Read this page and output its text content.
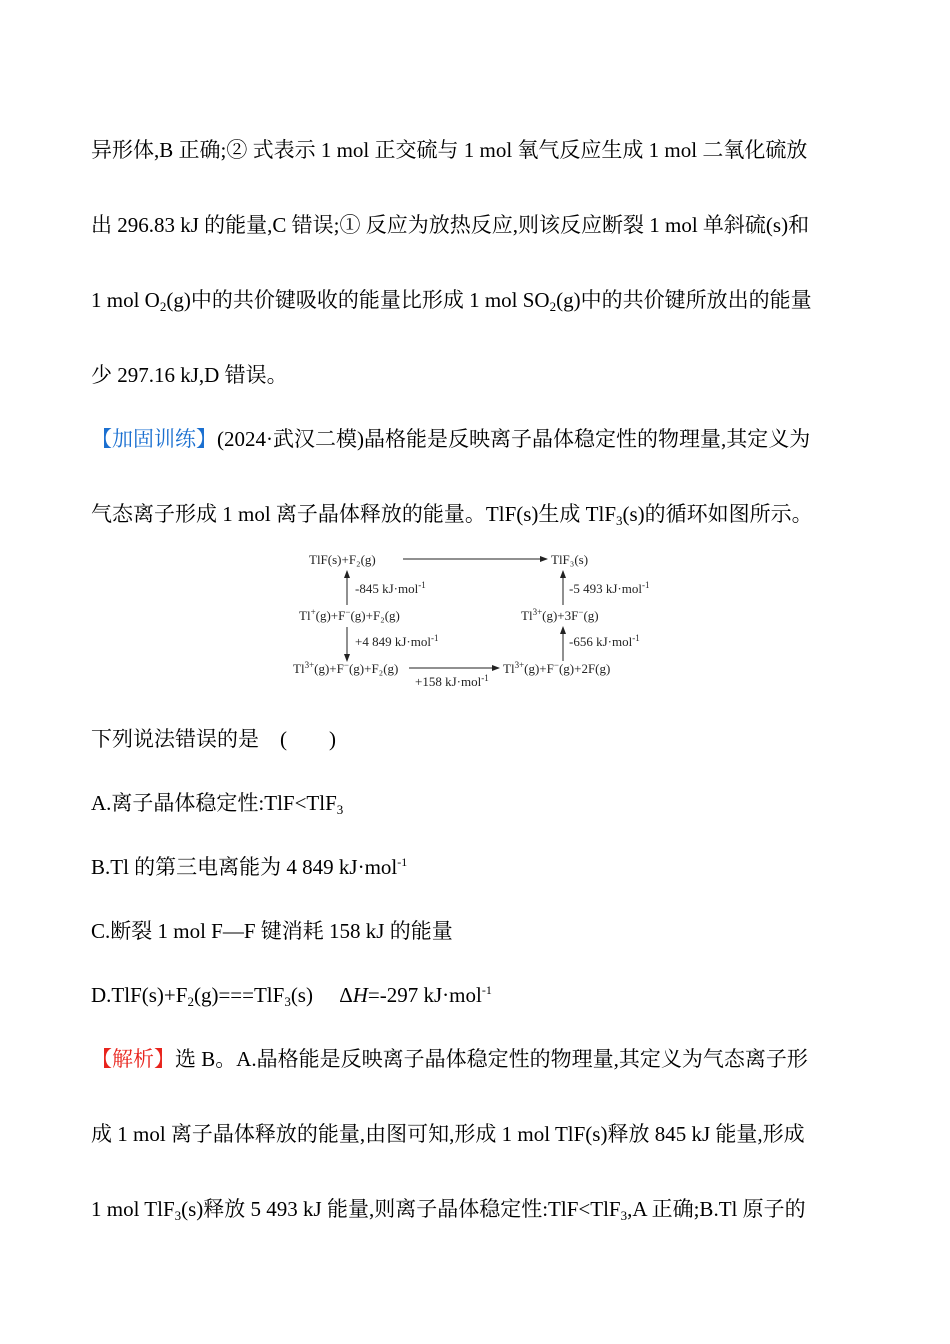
异形体,B 正确;② 式表示 1 mol 正交硫与 1 mol 氧气反应生成 1 mol 二氧化硫放
出 296.83 kJ 的能量,C 错误;① 反应为放热反应,则该反应断裂 1 mol 单斜硫(s)和
1 mol $O_2(g)$中的共价键吸收的能量比形成 1 mol $SO_2(g)$中的共价键所放出的能量
少 297.16 kJ,D 错误。
【加固训练】(2024·武汉二模)晶格能是反映离子晶体稳定性的物理量,其定义为
气态离子形成 1 mol 离子晶体释放的能量。TlF(s)生成 TlF$_3$(s)的循环如图所示。
TlF(s)+F₂(g)	TlF₃(s)
-845 kJ·mol$^{-1}$	-5 493 kJ·mol$^{-1}$
Tl+(g)+F−(g)+F₂(g)	$Tl^{3+}(g)+3F^-(g)$
+4 849 kJ·mol$^{-1}$	-656 kJ·mol$^{-1}$
$Tl^{3+}(g)+F^-(g)+F_2(g)$	$Tl^{3+}(g)+F^-(g)+2F(g)$
+158 kJ·mol$^{-1}$
下列说法错误的是　(　　)
A.离子晶体稳定性:TlF<TlF$_3$
B.Tl 的第三电离能为 4 849 kJ·mol$^{-1}$
C.断裂 1 mol F—F 键消耗 158 kJ 的能量
$D.TlF(s)+F_2(g)===TlF_3(s)$　 ΔH=-297 kJ·mol$^{-1}$
【解析】选 B。A.晶格能是反映离子晶体稳定性的物理量,其定义为气态离子形
成 1 mol 离子晶体释放的能量,由图可知,形成 1 mol TlF(s)释放 845 kJ 能量,形成
1 mol TlF$_3$(s)释放 5 493 kJ 能量,则离子晶体稳定性:TlF<TlF$_3$,A 正确;B.Tl 原子的
